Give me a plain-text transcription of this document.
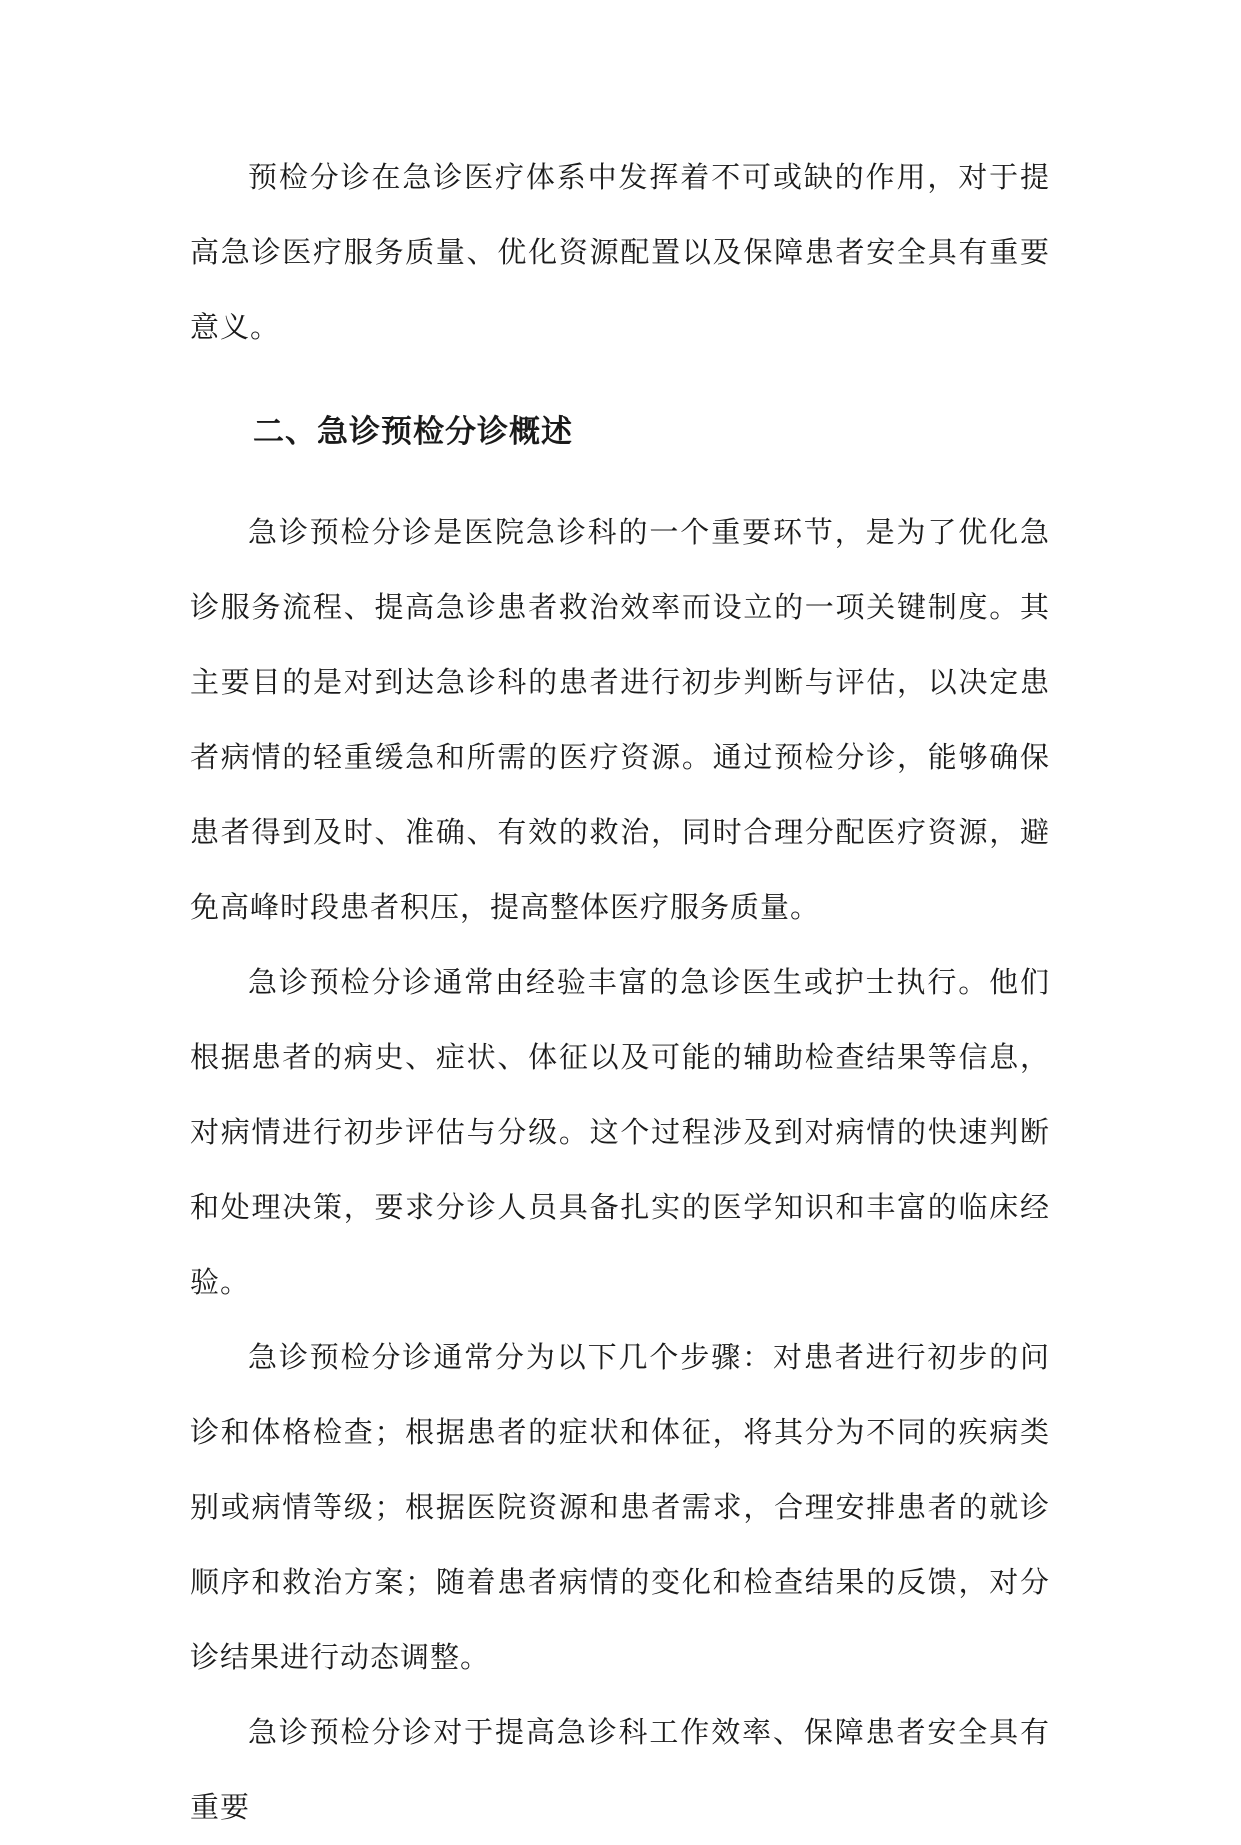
预检分诊在急诊医疗体系中发挥着不可或缺的作用，对于提高急诊医疗服务质量、优化资源配置以及保障患者安全具有重要意义。

二、急诊预检分诊概述

急诊预检分诊是医院急诊科的一个重要环节，是为了优化急诊服务流程、提高急诊患者救治效率而设立的一项关键制度。其主要目的是对到达急诊科的患者进行初步判断与评估，以决定患者病情的轻重缓急和所需的医疗资源。通过预检分诊，能够确保患者得到及时、准确、有效的救治，同时合理分配医疗资源，避免高峰时段患者积压，提高整体医疗服务质量。

急诊预检分诊通常由经验丰富的急诊医生或护士执行。他们根据患者的病史、症状、体征以及可能的辅助检查结果等信息，对病情进行初步评估与分级。这个过程涉及到对病情的快速判断和处理决策，要求分诊人员具备扎实的医学知识和丰富的临床经验。

急诊预检分诊通常分为以下几个步骤：对患者进行初步的问诊和体格检查；根据患者的症状和体征，将其分为不同的疾病类别或病情等级；根据医院资源和患者需求，合理安排患者的就诊顺序和救治方案；随着患者病情的变化和检查结果的反馈，对分诊结果进行动态调整。

急诊预检分诊对于提高急诊科工作效率、保障患者安全具有重要
